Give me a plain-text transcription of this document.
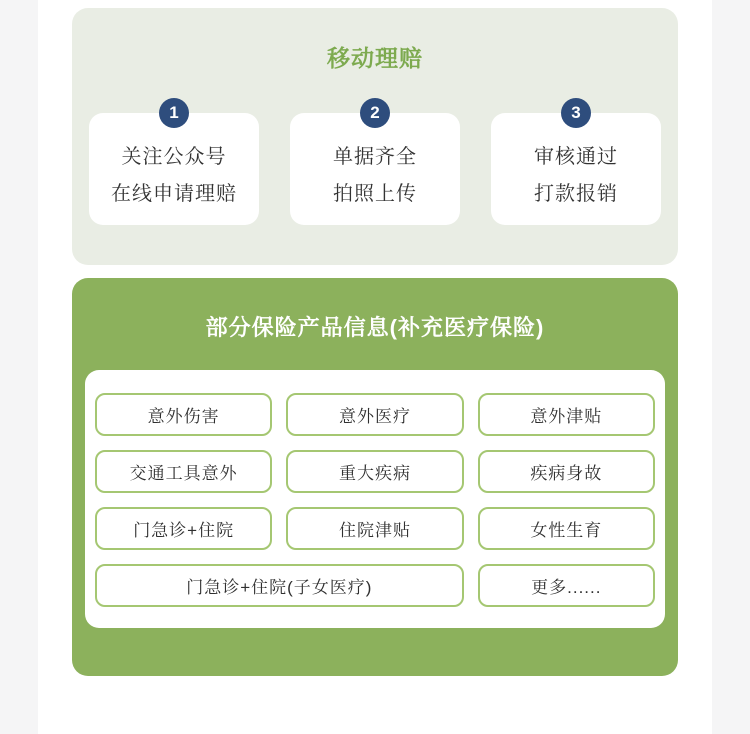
移动理赔
1
关注公众号
在线申请理赔
2
单据齐全
拍照上传
3
审核通过
打款报销
部分保险产品信息(补充医疗保险)
意外伤害	意外医疗	意外津贴
交通工具意外	重大疾病	疾病身故
门急诊+住院	住院津贴	女性生育
门急诊+住院(子女医疗)	更多......
